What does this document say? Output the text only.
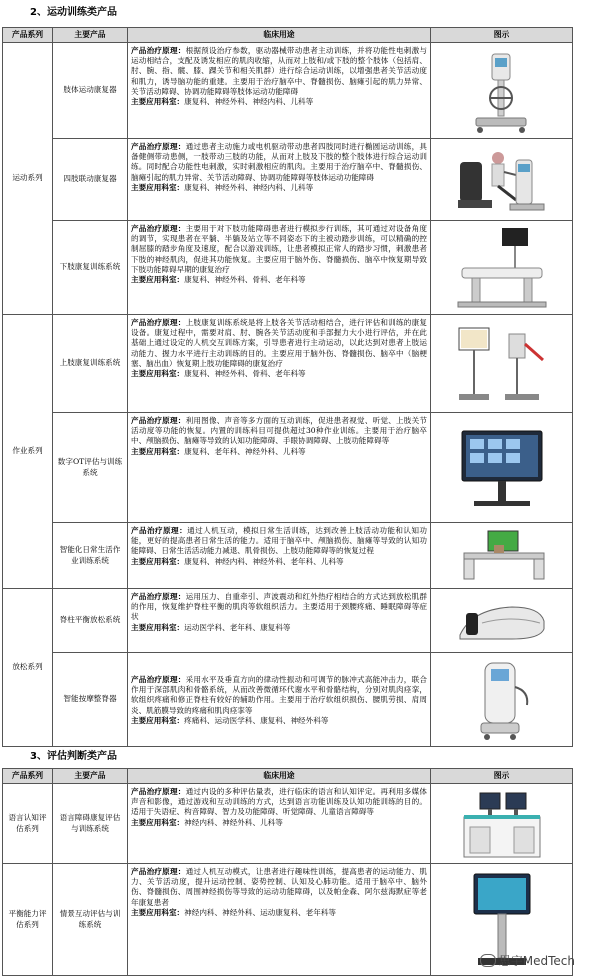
2、运动训练类产品
产品系列	主要产品	临床用途	图示
运动系列	肢体运动康复器	产品治疗原理：根据预设治疗参数，驱动器械带动患者主动训练，并将功能性电刺激与运动相结合，支配及诱发相应的肌肉收缩，从而对上肢和/或下肢的整个肢体（包括肩、肘、腕、指、髋、膝、踝关节和相关肌群）进行综合运动训练，以增强患者关节活动度和肌力，诱导脑功能的重建。主要用于治疗脑卒中、脊髓损伤、脑瘫引起的肌力异常、关节活动障碍、协调功能障碍等肢体运动功能障碍
主要应用科室：康复科、神经外科、神经内科、儿科等	

	四肢联动康复器	产品治疗原理：通过患者主动施力或电机驱动带动患者四肢同时进行椭圆运动训练，具备健侧带动患侧，一肢带动三肢的功能，从而对上肢及下肢的整个肢体进行综合运动训练。同时配合功能性电刺激，实时刺激相应的肌肉。主要用于治疗脑卒中、脊髓损伤、脑瘫引起的肌力异常、关节活动障碍、协调功能障碍等肢体运动功能障碍
主要应用科室：康复科、神经外科、神经内科、儿科等	

	下肢康复训练系统	产品治疗原理：主要用于对下肢功能障碍患者进行模拟步行训练，其可通过对设备角度的调节，实现患者在平躺、半躺及站立等不同姿态下的主被动踏步训练，可以精确的控制屈膝的踏步角度及速度，配合以游戏训练，让患者模拟正常人的踏步习惯，刺激患者下肢的神经肌肉，促进其功能恢复。主要应用于脑外伤、脊髓损伤、脑卒中恢复期导致下肢功能障碍早期的康复治疗
主要应用科室：康复科、神经外科、骨科、老年科等	

作业系列	上肢康复训练系统	产品治疗原理：上肢康复训练系统是将上肢各关节活动相结合，进行评估和训练的康复设备。康复过程中，需要对肩、肘、腕各关节活动度和手部握力大小进行评估，并在此基础上通过设定的人机交互训练方案，引导患者进行主动运动，以此达到对患者上肢运动能力、握力水平进行主动训练的目的。主要应用于脑外伤、脊髓损伤、脑卒中（脑梗塞、脑出血）恢复期上肢功能障碍的康复治疗
主要应用科室：康复科、神经外科、骨科、老年科等	

	数字OT评估与训练系统	产品治疗原理：利用图像、声音等多方面的互动训练，促进患者视觉、听觉、上肢关节活动度等功能的恢复。内置的训练科目可提供超过30种作业训练。主要用于治疗脑卒中、颅脑损伤、脑瘫等导致的认知功能障碍、手眼协调障碍、上肢功能障碍等
主要应用科室：康复科、老年科、神经外科、儿科等	

	智能化日常生活作业训练系统	产品治疗原理：通过人机互动，模拟日常生活训练，达到改善上肢活动功能和认知功能，更好的提高患者日常生活的能力。适用于脑卒中、颅脑损伤、脑瘫等导致的认知功能障碍、日常生活活动能力减退、肌骨损伤、上肢功能障碍等的恢复过程
主要应用科室：康复科、神经内科、神经外科、老年科、儿科等	

放松系列	脊柱平衡放松系统	产品治疗原理：运用压力、自重牵引、声波震动和红外热疗相结合的方式达到放松肌群的作用，恢复维护脊柱平衡的肌肉等软组织活力。主要适用于颈腰疼痛、睡眠障碍等症状
主要应用科室：运动医学科、老年科、康复科等	

	智能按摩整脊器	产品治疗原理：采用水平及垂直方向的律动性振动和可调节的脉冲式高能冲击力，联合作用于深部肌肉和骨骼系统，从而改善微循环代谢水平和骨骼结构，分别对肌肉痉挛，软组织疼痛和修正脊柱有较好的辅助作用。主要用于治疗软组织损伤、腰肌劳损、肩周炎、肌筋膜导致的疼痛和肌肉痉挛等
主要应用科室：疼痛科、运动医学科、康复科、神经外科等	
3、评估判断类产品
产品系列	主要产品	临床用途	图示
语言认知评估系列	语言障碍康复评估与训练系统	产品治疗原理：通过内设的多种评估量表，进行临床的语言和认知评定。再利用多媒体声音和影像，通过游戏和互动训练的方式，达到语言功能训练及认知功能训练的目的。适用于失语症、构音障碍、智力及功能障碍、听觉障碍、儿童语言障碍等
主要应用科室：神经内科、神经外科、儿科等	

平衡能力评估系列	情景互动评估与训练系统	产品治疗原理：通过人机互动模式，让患者进行趣味性训练，提高患者的运动能力、肌力、关节活动度，提升运动控制、姿势控制、认知及心肺功能。适用于脑卒中、脑外伤、脊髓损伤、周围神经损伤等导致的运动功能障碍，以及帕金森、阿尔兹海默症等老年康复患者
主要应用科室：神经内科、神经外科、运动康复科、老年科等	
思宇MedTech
